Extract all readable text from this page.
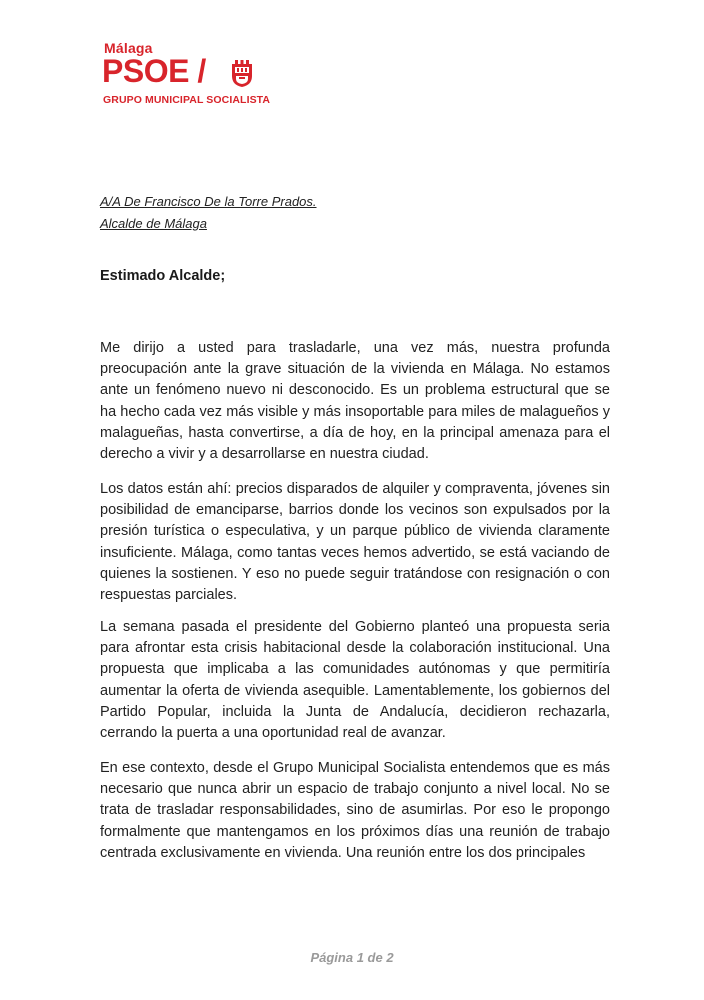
Málaga
PSOE /
GRUPO MUNICIPAL SOCIALISTA
A/A De Francisco De la Torre Prados.
Alcalde de Málaga
Estimado Alcalde;

Me dirijo a usted para trasladarle, una vez más, nuestra profunda preocupación ante la grave situación de la vivienda en Málaga. No estamos ante un fenómeno nuevo ni desconocido. Es un problema estructural que se ha hecho cada vez más visible y más insoportable para miles de malagueños y malagueñas, hasta convertirse, a día de hoy, en la principal amenaza para el derecho a vivir y a desarrollarse en nuestra ciudad.

Los datos están ahí: precios disparados de alquiler y compraventa, jóvenes sin posibilidad de emanciparse, barrios donde los vecinos son expulsados por la presión turística o especulativa, y un parque público de vivienda claramente insuficiente. Málaga, como tantas veces hemos advertido, se está vaciando de quienes la sostienen. Y eso no puede seguir tratándose con resignación o con respuestas parciales.

La semana pasada el presidente del Gobierno planteó una propuesta seria para afrontar esta crisis habitacional desde la colaboración institucional. Una propuesta que implicaba a las comunidades autónomas y que permitiría aumentar la oferta de vivienda asequible. Lamentablemente, los gobiernos del Partido Popular, incluida la Junta de Andalucía, decidieron rechazarla, cerrando la puerta a una oportunidad real de avanzar.

En ese contexto, desde el Grupo Municipal Socialista entendemos que es más necesario que nunca abrir un espacio de trabajo conjunto a nivel local. No se trata de trasladar responsabilidades, sino de asumirlas. Por eso le propongo formalmente que mantengamos en los próximos días una reunión de trabajo centrada exclusivamente en vivienda. Una reunión entre los dos principales

Página 1 de 2
